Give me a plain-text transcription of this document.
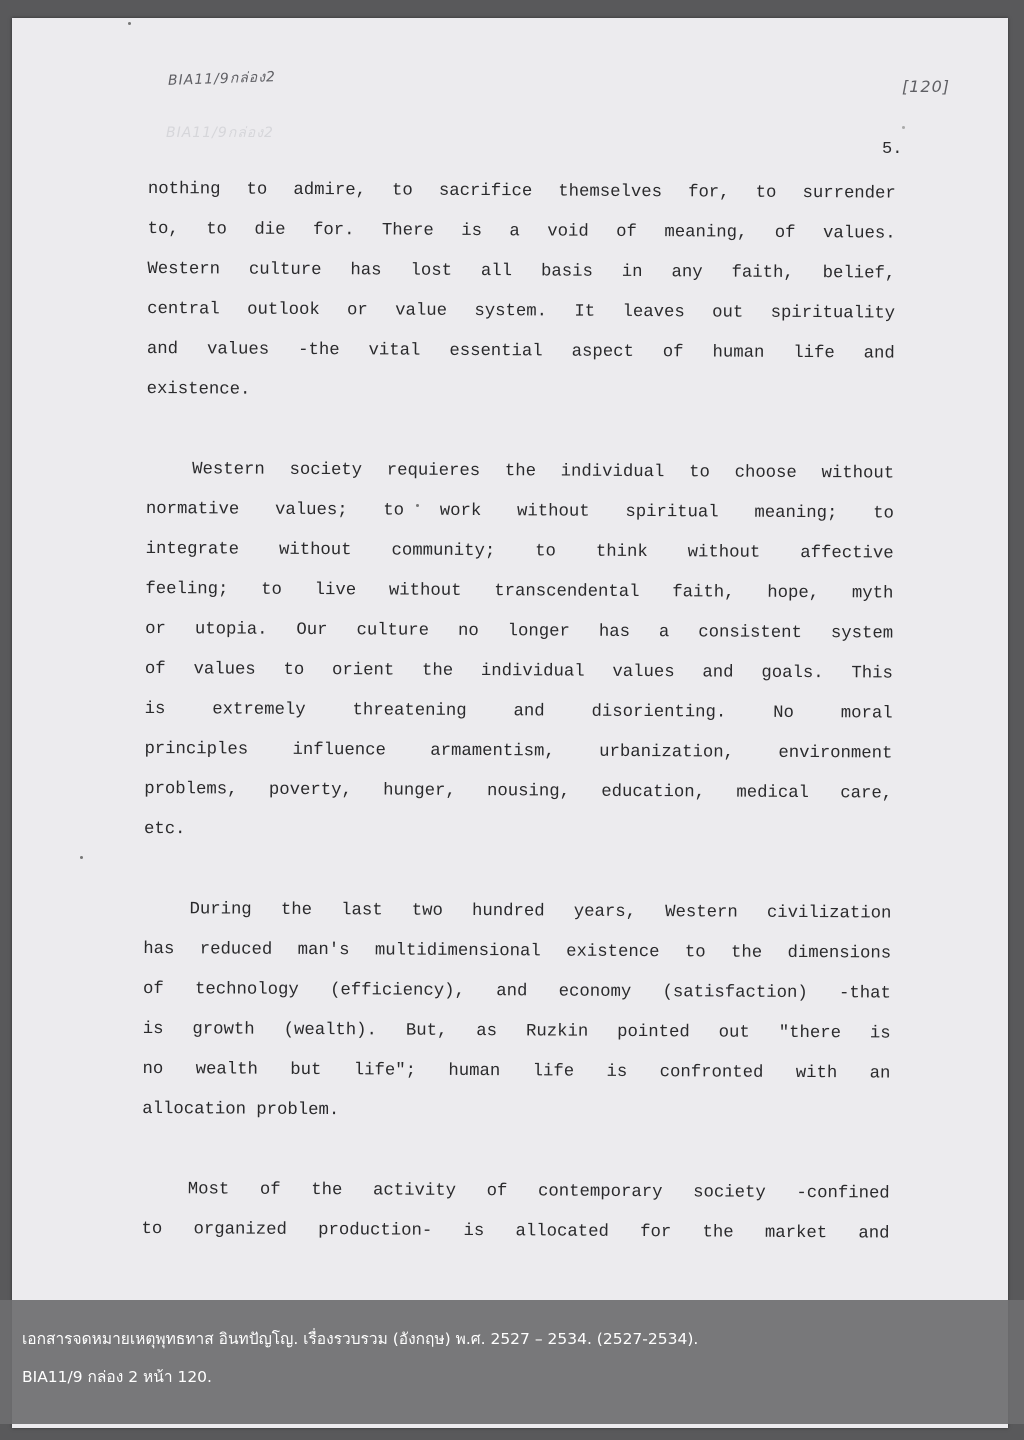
BIA11/9กล่อง2
BIA11/9กล่อง2
[120]
5.
nothing to admire, to sacrifice themselves for, to surrender
to, to die for. There is a void of meaning, of values.
Western culture has lost all basis in any faith, belief,
central outlook or value system. It leaves out spirituality
and values -the vital essential aspect of human life and
existence.
Western society requieres the individual to choose without
normative values; to work without spiritual meaning; to
integrate without community; to think without affective
feeling; to live without transcendental faith, hope, myth
or utopia. Our culture no longer has a consistent system
of values to orient the individual values and goals. This
is	extremely	threatening	and	disorienting.	No	moral
principles	influence	armamentism,	urbanization,	environment
problems, poverty, hunger, nousing, education, medical care,
etc.
During the last two hundred years, Western civilization
has reduced man's multidimensional existence to the dimensions
of technology (efficiency), and economy (satisfaction) -that
is growth (wealth). But, as Ruzkin pointed out "there is
no wealth but life"; human life is confronted with an
allocation problem.
Most of the activity of contemporary society -confined
to organized production- is allocated for the market and
เอกสารจดหมายเหตุพุทธทาส อินทปัญโญ. เรื่องรวบรวม (อังกฤษ) พ.ศ. 2527 – 2534. (2527-2534).
BIA11/9 กล่อง 2 หน้า 120.
